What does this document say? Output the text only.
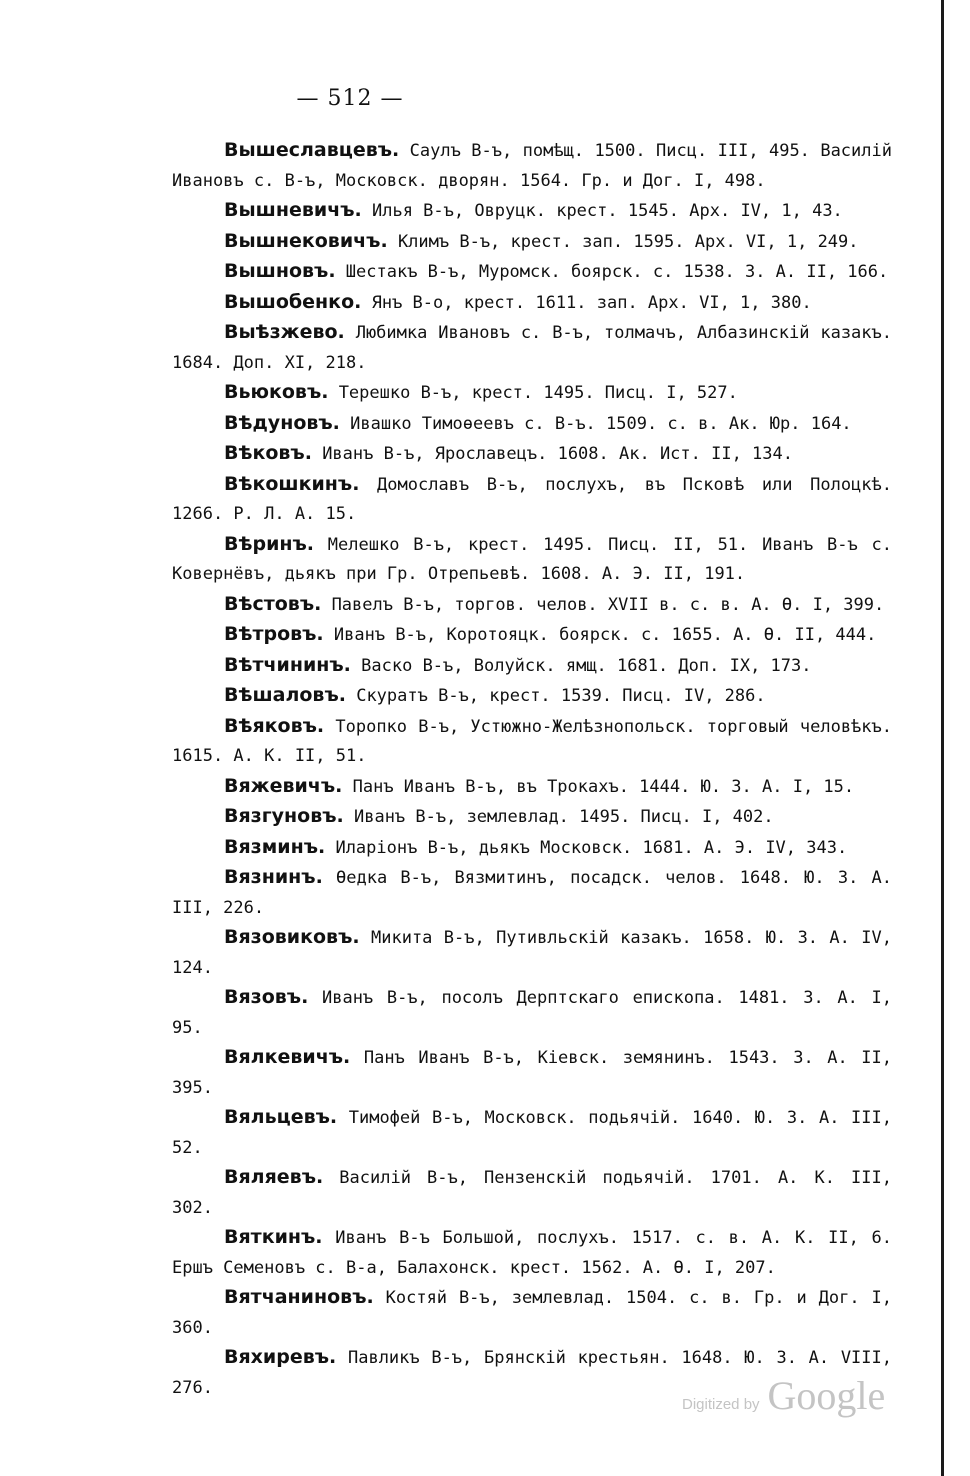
— 512 —

Вышеславцевъ. Саулъ В-ъ, помѣщ. 1500. Писц. III, 495. Василій Ивановъ с. В-ъ, Московск. дворян. 1564. Гр. и Дог. I, 498.

Вышневичъ. Илья В-ъ, Овруцк. крест. 1545. Арх. IV, 1, 43.

Вышнековичъ. Климъ В-ъ, крест. зап. 1595. Арх. VI, 1, 249.

Вышновъ. Шестакъ В-ъ, Муромск. боярск. с. 1538. З. А. II, 166.

Вышобенко. Янъ В-о, крест. 1611. зап. Арх. VI, 1, 380.

Выѣзжево. Любимка Ивановъ с. В-ъ, толмачъ, Албазинскій казакъ. 1684. Доп. XI, 218.

Вьюковъ. Терешко В-ъ, крест. 1495. Писц. I, 527.

Вѣдуновъ. Ивашко Тимоѳеевъ с. В-ъ. 1509. с. в. Ак. Юр. 164.

Вѣковъ. Иванъ В-ъ, Ярославецъ. 1608. Ак. Ист. II, 134.

Вѣкошкинъ. Домославъ В-ъ, послухъ, въ Псковѣ или Полоцкѣ. 1266. Р. Л. А. 15.

Вѣринъ. Мелешко В-ъ, крест. 1495. Писц. II, 51. Иванъ В-ъ с. Ковернёвъ, дьякъ при Гр. Отрепьевѣ. 1608. А. Э. II, 191.

Вѣстовъ. Павелъ В-ъ, торгов. челов. XVII в. с. в. А. Ѳ. I, 399.

Вѣтровъ. Иванъ В-ъ, Коротояцк. боярск. с. 1655. А. Ѳ. II, 444.

Вѣтчининъ. Васко В-ъ, Волуйск. ямщ. 1681. Доп. IX, 173.

Вѣшаловъ. Скуратъ В-ъ, крест. 1539. Писц. IV, 286.

Вѣяковъ. Торопко В-ъ, Устюжно-Желѣзнопольск. торговый человѣкъ. 1615. А. К. II, 51.

Вяжевичъ. Панъ Иванъ В-ъ, въ Трокахъ. 1444. Ю. З. А. I, 15.

Вязгуновъ. Иванъ В-ъ, землевлад. 1495. Писц. I, 402.

Вязминъ. Иларіонъ В-ъ, дьякъ Московск. 1681. А. Э. IV, 343.

Вязнинъ. Ѳедка В-ъ, Вязмитинъ, посадск. челов. 1648. Ю. З. А. III, 226.

Вязовиковъ. Микита В-ъ, Путивльскій казакъ. 1658. Ю. З. А. IV, 124.

Вязовъ. Иванъ В-ъ, посолъ Дерптскаго епископа. 1481. З. А. I, 95.

Вялкевичъ. Панъ Иванъ В-ъ, Кіевск. земянинъ. 1543. З. А. II, 395.

Вяльцевъ. Тимофей В-ъ, Московск. подьячій. 1640. Ю. З. А. III, 52.

Вяляевъ. Василій В-ъ, Пензенскій подьячій. 1701. А. К. III, 302.

Вяткинъ. Иванъ В-ъ Большой, послухъ. 1517. с. в. А. К. II, 6. Ершъ Семеновъ с. В-а, Балахонск. крест. 1562. А. Ѳ. I, 207.

Вятчаниновъ. Костяй В-ъ, землевлад. 1504. с. в. Гр. и Дог. I, 360.

Вяхиревъ. Павликъ В-ъ, Брянскій крестьян. 1648. Ю. З. А. VIII, 276.

Digitized by Google
